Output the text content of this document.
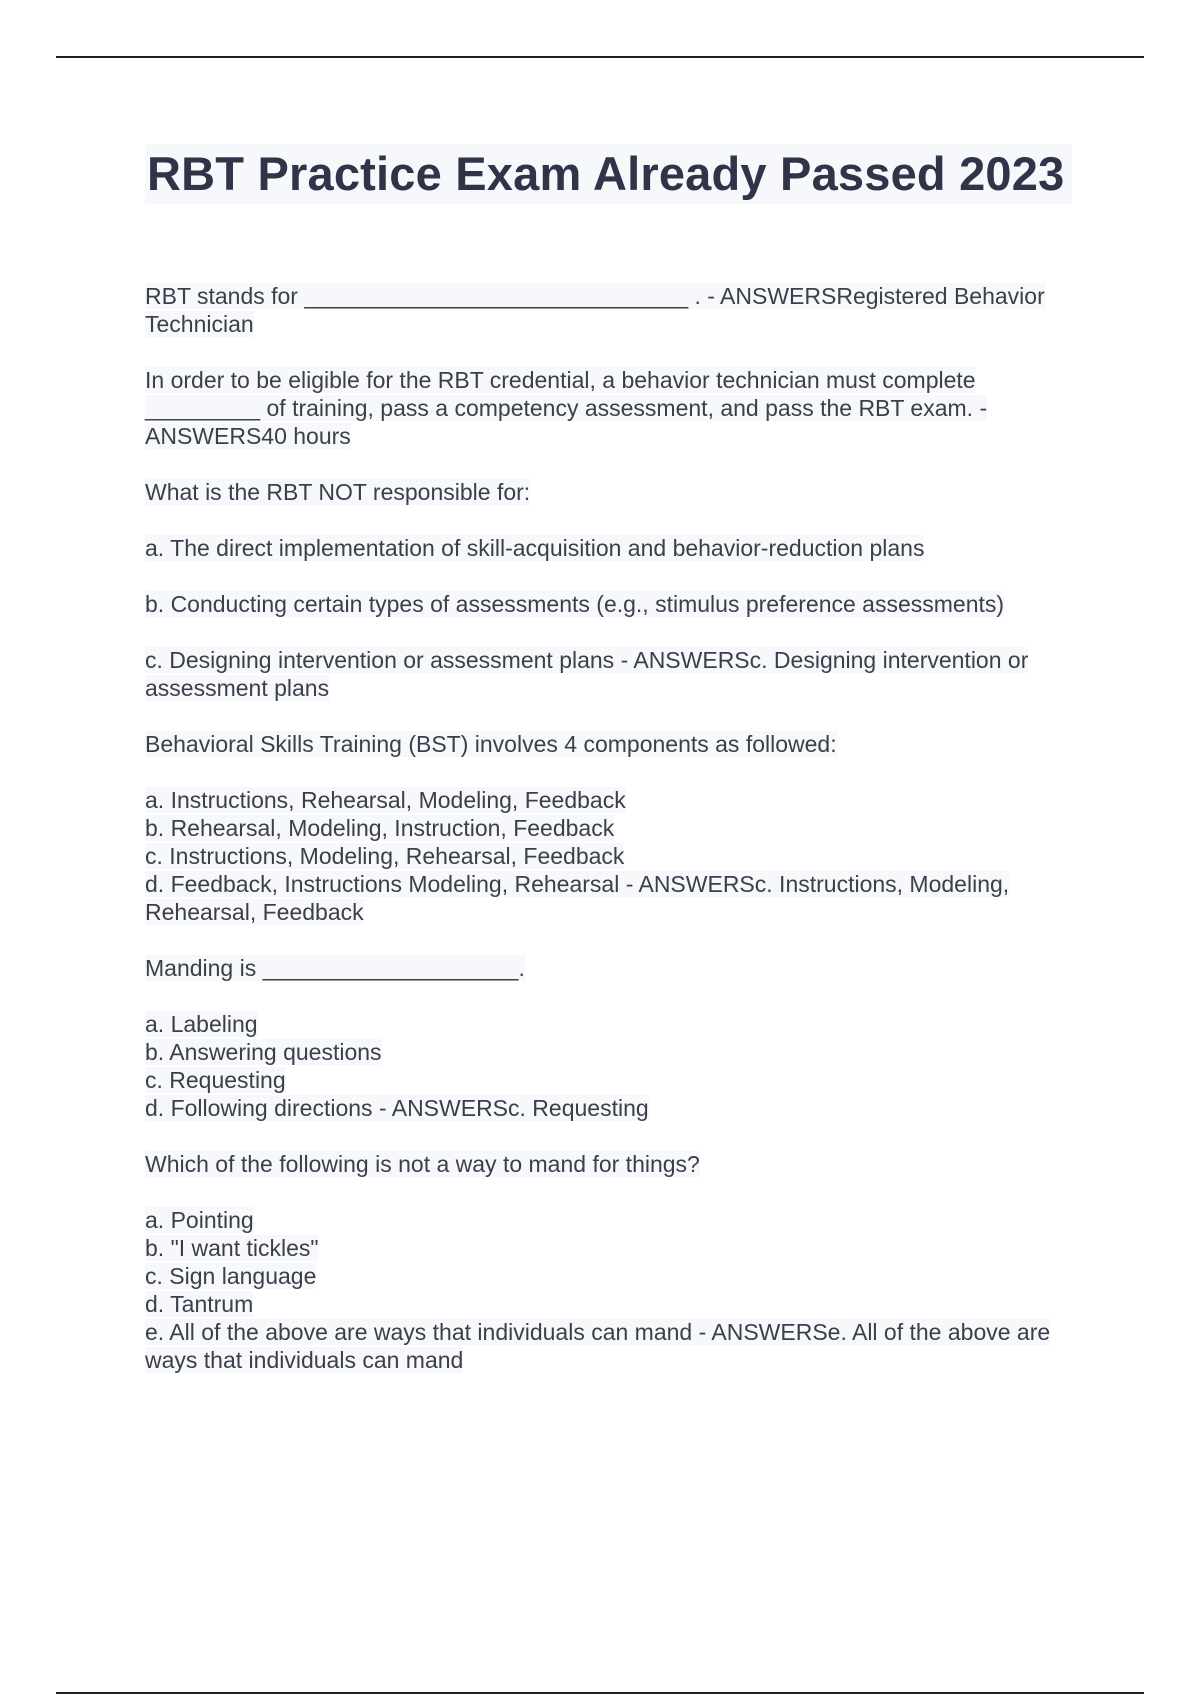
RBT Practice Exam Already Passed 2023

RBT stands for ______________________________ . - ANSWERSRegistered Behavior Technician

In order to be eligible for the RBT credential, a behavior technician must complete _________ of training, pass a competency assessment, and pass the RBT exam. - ANSWERS40 hours

What is the RBT NOT responsible for:

a. The direct implementation of skill-acquisition and behavior-reduction plans

b. Conducting certain types of assessments (e.g., stimulus preference assessments)

c. Designing intervention or assessment plans - ANSWERSc. Designing intervention or assessment plans

Behavioral Skills Training (BST) involves 4 components as followed:

a. Instructions, Rehearsal, Modeling, Feedback
b. Rehearsal, Modeling, Instruction, Feedback
c. Instructions, Modeling, Rehearsal, Feedback
d. Feedback, Instructions Modeling, Rehearsal - ANSWERSc. Instructions, Modeling, Rehearsal, Feedback

Manding is ____________________.

a. Labeling
b. Answering questions
c. Requesting
d. Following directions - ANSWERSc. Requesting

Which of the following is not a way to mand for things?

a. Pointing
b. "I want tickles"
c. Sign language
d. Tantrum
e. All of the above are ways that individuals can mand - ANSWERSe. All of the above are ways that individuals can mand
